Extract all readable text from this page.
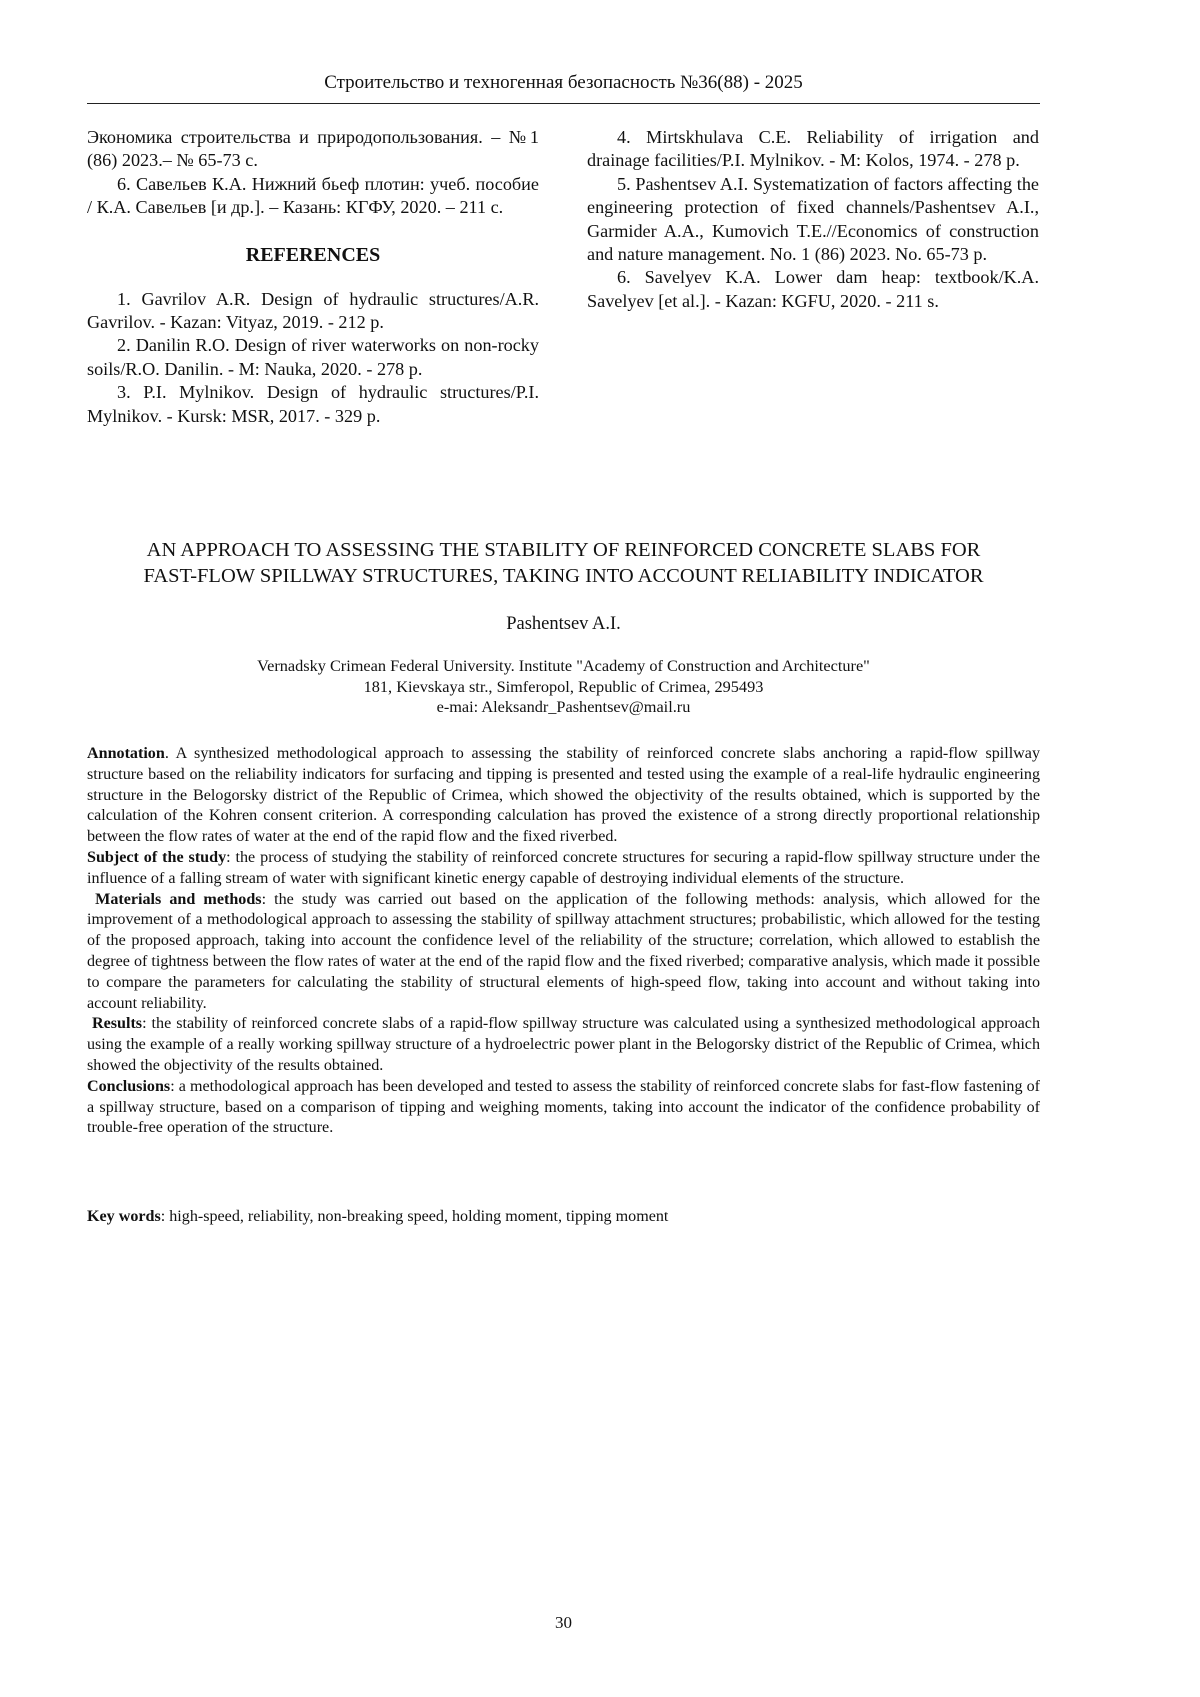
Строительство и техногенная безопасность №36(88) - 2025

Экономика строительства и природопользования. – №1 (86) 2023.– № 65-73 с.

6. Савельев К.А. Нижний бьеф плотин: учеб. пособие / К.А. Савельев [и др.]. – Казань: КГФУ, 2020. – 211 с.

REFERENCES

1. Gavrilov A.R. Design of hydraulic structures/A.R. Gavrilov. - Kazan: Vityaz, 2019. - 212 p.

2. Danilin R.O. Design of river waterworks on non-rocky soils/R.O. Danilin. - M: Nauka, 2020. - 278 p.

3. P.I. Mylnikov. Design of hydraulic structures/P.I. Mylnikov. - Kursk: MSR, 2017. - 329 p.

4. Mirtskhulava C.E. Reliability of irrigation and drainage facilities/P.I. Mylnikov. - M: Kolos, 1974. - 278 p.

5. Pashentsev A.I. Systematization of factors affecting the engineering protection of fixed channels/Pashentsev A.I., Garmider A.A., Kumovich T.E.//Economics of construction and nature management. No. 1 (86) 2023. No. 65-73 p.

6. Savelyev K.A. Lower dam heap: textbook/K.A. Savelyev [et al.]. - Kazan: KGFU, 2020. - 211 s.

AN APPROACH TO ASSESSING THE STABILITY OF REINFORCED CONCRETE SLABS FOR
FAST-FLOW SPILLWAY STRUCTURES, TAKING INTO ACCOUNT RELIABILITY INDICATOR
Pashentsev A.I.
Vernadsky Crimean Federal University. Institute "Academy of Construction and Architecture"
181, Kievskaya str., Simferopol, Republic of Crimea, 295493
e-mai: Aleksandr_Pashentsev@mail.ru

Annotation. A synthesized methodological approach to assessing the stability of reinforced concrete slabs anchoring a rapid-flow spillway structure based on the reliability indicators for surfacing and tipping is presented and tested using the example of a real-life hydraulic engineering structure in the Belogorsky district of the Republic of Crimea, which showed the objectivity of the results obtained, which is supported by the calculation of the Kohren consent criterion. A corresponding calculation has proved the existence of a strong directly proportional relationship between the flow rates of water at the end of the rapid flow and the fixed riverbed.

Subject of the study: the process of studying the stability of reinforced concrete structures for securing a rapid-flow spillway structure under the influence of a falling stream of water with significant kinetic energy capable of destroying individual elements of the structure.

Materials and methods: the study was carried out based on the application of the following methods: analysis, which allowed for the improvement of a methodological approach to assessing the stability of spillway attachment structures; probabilistic, which allowed for the testing of the proposed approach, taking into account the confidence level of the reliability of the structure; correlation, which allowed to establish the degree of tightness between the flow rates of water at the end of the rapid flow and the fixed riverbed; comparative analysis, which made it possible to compare the parameters for calculating the stability of structural elements of high-speed flow, taking into account and without taking into account reliability.

Results: the stability of reinforced concrete slabs of a rapid-flow spillway structure was calculated using a synthesized methodological approach using the example of a really working spillway structure of a hydroelectric power plant in the Belogorsky district of the Republic of Crimea, which showed the objectivity of the results obtained.

Conclusions: a methodological approach has been developed and tested to assess the stability of reinforced concrete slabs for fast-flow fastening of a spillway structure, based on a comparison of tipping and weighing moments, taking into account the indicator of the confidence probability of trouble-free operation of the structure.

Key words: high-speed, reliability, non-breaking speed, holding moment, tipping moment
30
